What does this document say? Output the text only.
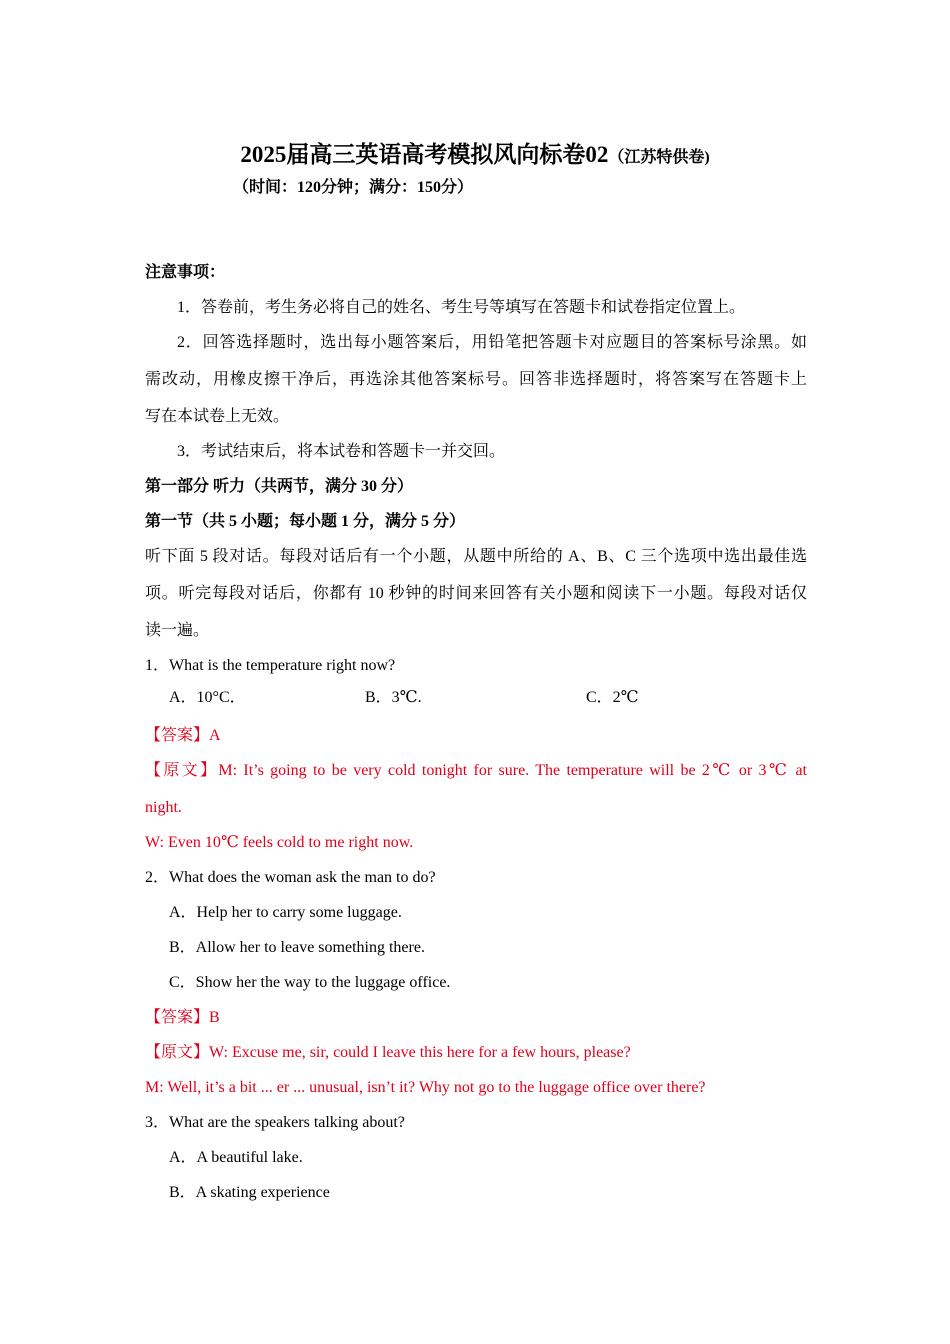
2025届高三英语高考模拟风向标卷02（江苏特供卷)
（时间：120分钟；满分：150分）
注意事项：
1．答卷前，考生务必将自己的姓名、考生号等填写在答题卡和试卷指定位置上。
2．回答选择题时，选出每小题答案后，用铅笔把答题卡对应题目的答案标号涂黑。如
需改动，用橡皮擦干净后，再选涂其他答案标号。回答非选择题时，将答案写在答题卡上
写在本试卷上无效。
3．考试结束后，将本试卷和答题卡一并交回。
第一部分 听力（共两节，满分 30 分）
第一节（共 5 小题；每小题 1 分，满分 5 分）
听下面 5 段对话。每段对话后有一个小题，从题中所给的 A、B、C 三个选项中选出最佳选
项。听完每段对话后，你都有 10 秒钟的时间来回答有关小题和阅读下一小题。每段对话仅
读一遍。
1．What is the temperature right now?
A．10°C．	B．3℃.	C．2℃
【答案】A
【原文】M: It’s going to be very cold tonight for sure. The temperature will be 2℃ or 3℃ at
night.
W: Even 10℃ feels cold to me right now.
2．What does the woman ask the man to do?
A．Help her to carry some luggage.
B．Allow her to leave something there.
C．Show her the way to the luggage office.
【答案】B
【原文】W: Excuse me, sir, could I leave this here for a few hours, please?
M: Well, it’s a bit ... er ... unusual, isn’t it? Why not go to the luggage office over there?
3．What are the speakers talking about?
A．A beautiful lake.
B．A skating experience
